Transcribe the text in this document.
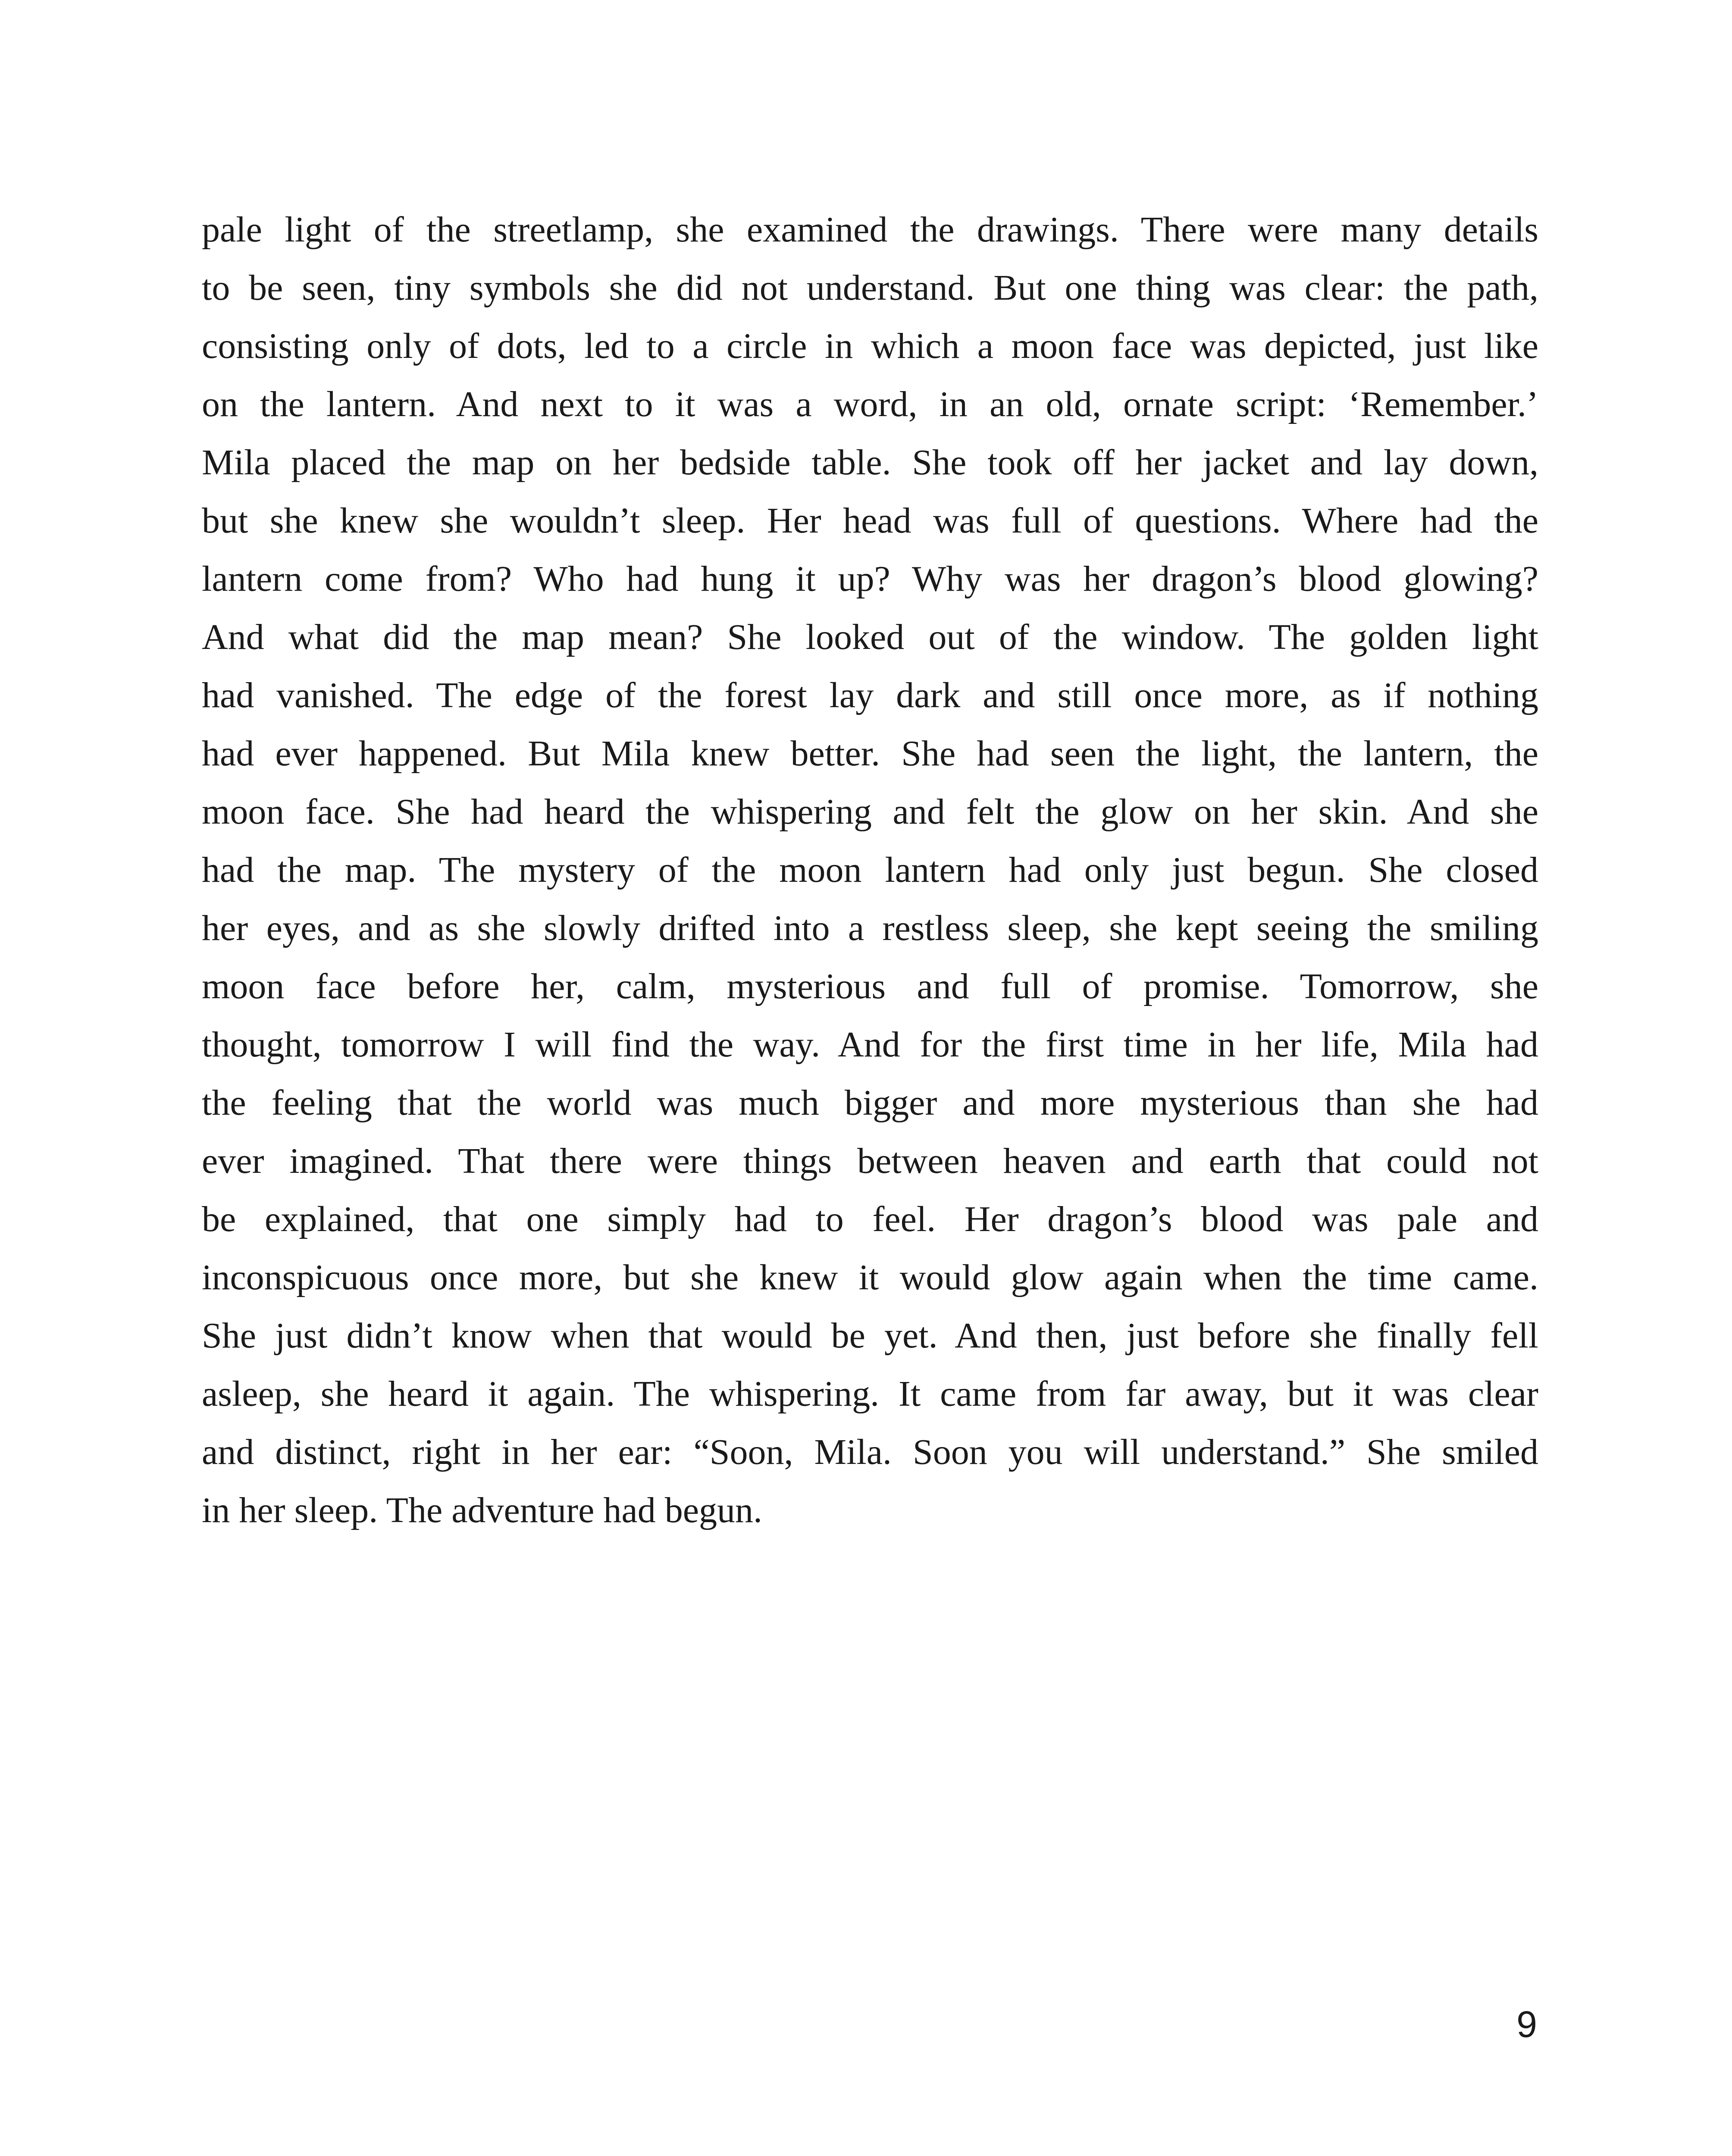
pale light of the streetlamp, she examined the drawings. There were many details
to be seen, tiny symbols she did not understand. But one thing was clear: the path,
consisting only of dots, led to a circle in which a moon face was depicted, just like
on the lantern. And next to it was a word, in an old, ornate script: ‘Remember.’
Mila placed the map on her bedside table. She took off her jacket and lay down,
but she knew she wouldn’t sleep. Her head was full of questions. Where had the
lantern come from? Who had hung it up? Why was her dragon’s blood glowing?
And what did the map mean? She looked out of the window. The golden light
had vanished. The edge of the forest lay dark and still once more, as if nothing
had ever happened. But Mila knew better. She had seen the light, the lantern, the
moon face. She had heard the whispering and felt the glow on her skin. And she
had the map. The mystery of the moon lantern had only just begun. She closed
her eyes, and as she slowly drifted into a restless sleep, she kept seeing the smiling
moon face before her, calm, mysterious and full of promise. Tomorrow, she
thought, tomorrow I will find the way. And for the first time in her life, Mila had
the feeling that the world was much bigger and more mysterious than she had
ever imagined. That there were things between heaven and earth that could not
be explained, that one simply had to feel. Her dragon’s blood was pale and
inconspicuous once more, but she knew it would glow again when the time came.
She just didn’t know when that would be yet. And then, just before she finally fell
asleep, she heard it again. The whispering. It came from far away, but it was clear
and distinct, right in her ear: “Soon, Mila. Soon you will understand.” She smiled
in her sleep. The adventure had begun.
9
